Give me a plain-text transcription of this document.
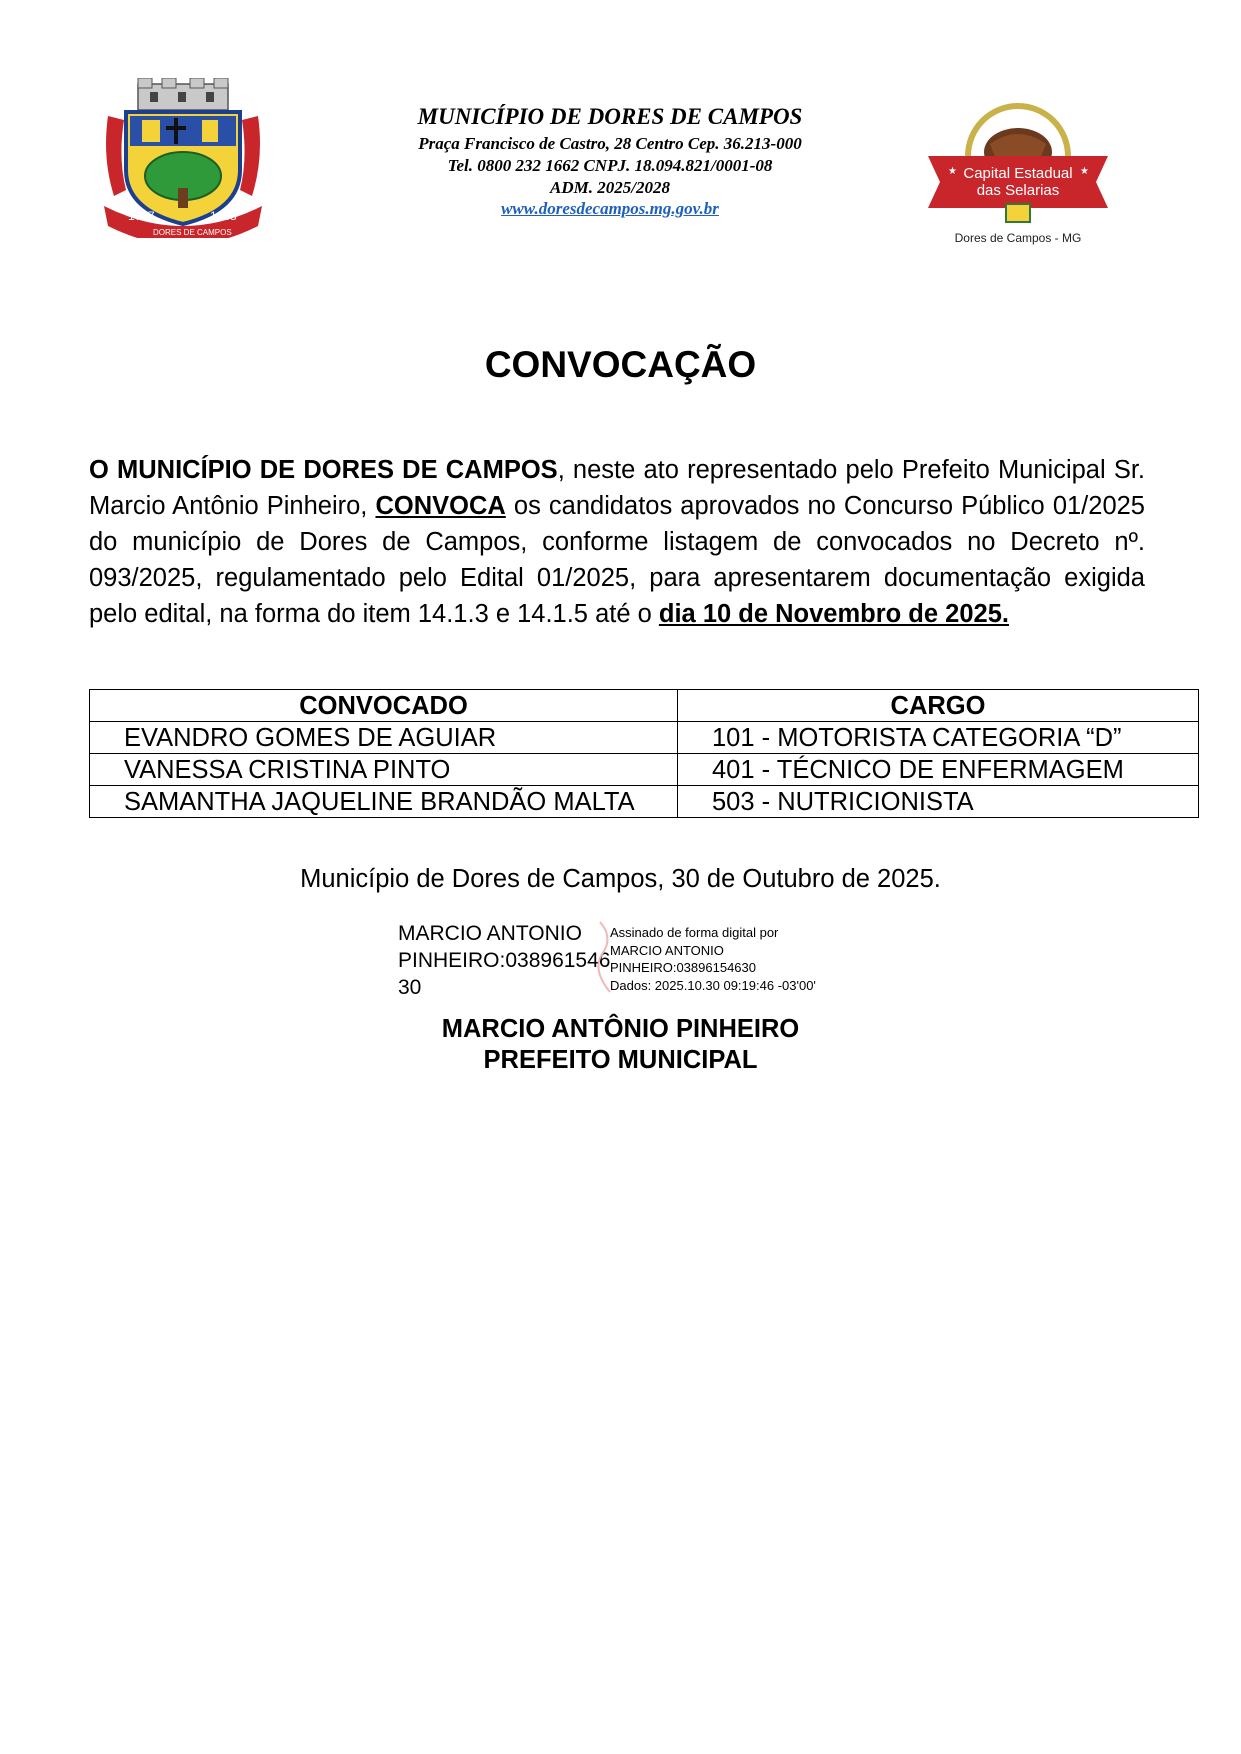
1717	1938
DORES DE CAMPOS
MUNICÍPIO DE DORES DE CAMPOS
Praça Francisco de Castro, 28 Centro Cep. 36.213-000
Tel. 0800 232 1662 CNPJ. 18.094.821/0001-08
ADM. 2025/2028
www.doresdecampos.mg.gov.br
Capital Estadual
das Selarias
★	★
Dores de Campos - MG
CONVOCAÇÃO
O MUNICÍPIO DE DORES DE CAMPOS, neste ato representado pelo Prefeito Municipal Sr. Marcio Antônio Pinheiro, CONVOCA os candidatos aprovados no Concurso Público 01/2025 do município de Dores de Campos, conforme listagem de convocados no Decreto nº. 093/2025, regulamentado pelo Edital 01/2025, para apresentarem documentação exigida pelo edital, na forma do item 14.1.3 e 14.1.5 até o dia 10 de Novembro de 2025.
CONVOCADO	CARGO
EVANDRO GOMES DE AGUIAR	101 - MOTORISTA CATEGORIA “D”
VANESSA CRISTINA PINTO	401 - TÉCNICO DE ENFERMAGEM
SAMANTHA JAQUELINE BRANDÃO MALTA	503 - NUTRICIONISTA
Município de Dores de Campos, 30 de Outubro de 2025.
MARCIO ANTONIO
PINHEIRO:038961546
30
Assinado de forma digital por
MARCIO ANTONIO
PINHEIRO:03896154630
Dados: 2025.10.30 09:19:46 -03'00'
MARCIO ANTÔNIO PINHEIRO
PREFEITO MUNICIPAL
